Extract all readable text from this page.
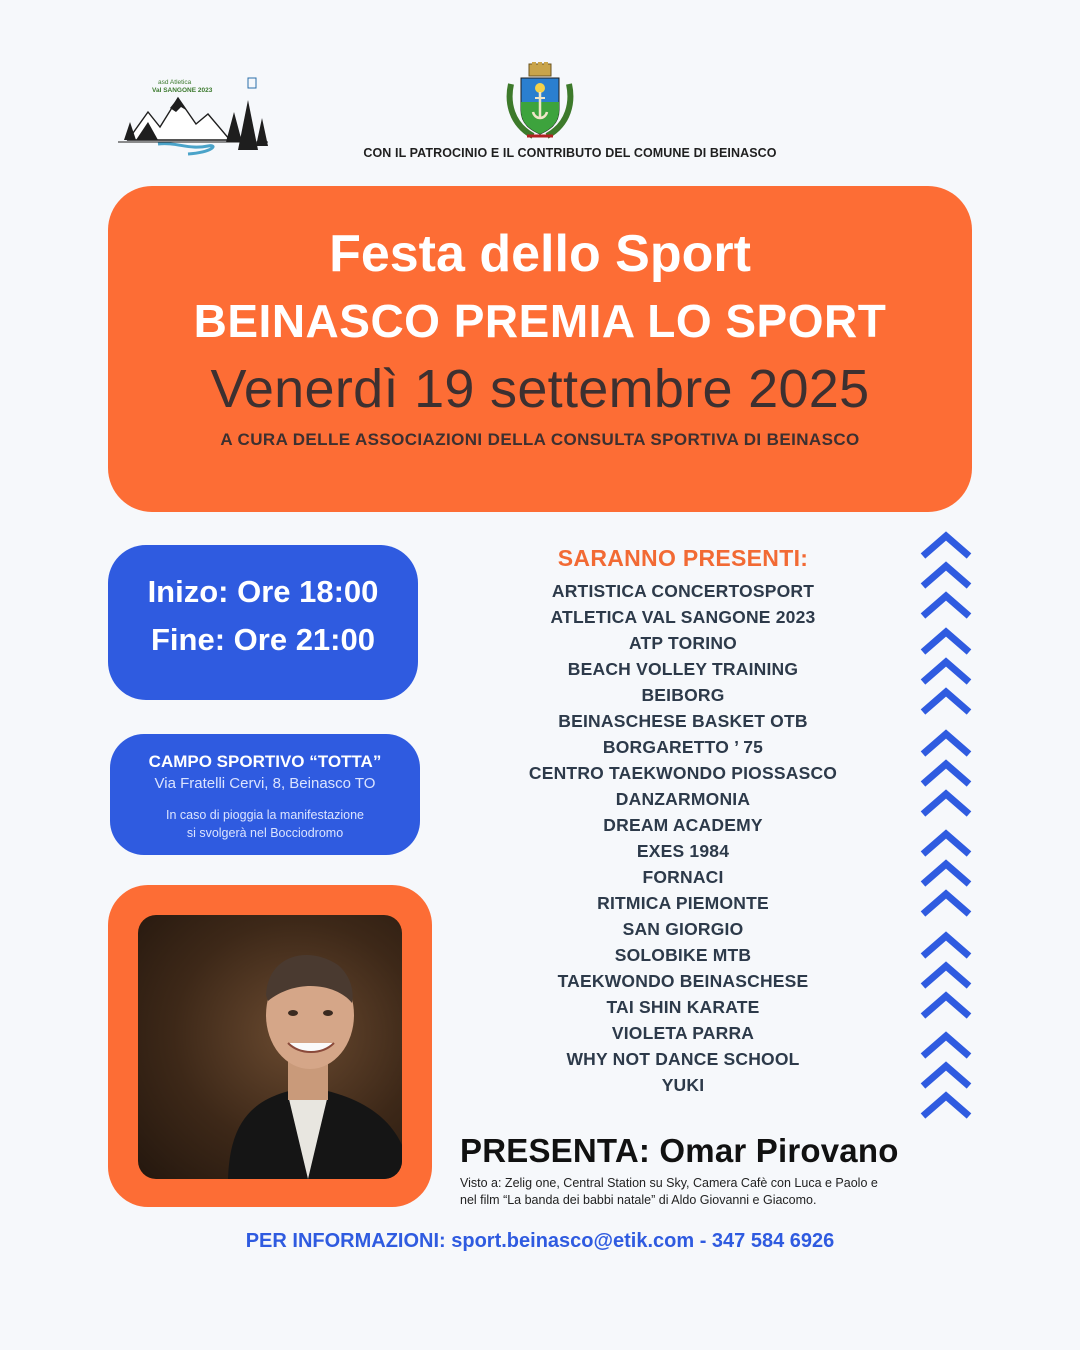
asd Atletica
Val SANGONE 2023
CON IL PATROCINIO E IL CONTRIBUTO DEL COMUNE DI BEINASCO
Festa dello Sport
BEINASCO PREMIA LO SPORT
Venerdì 19 settembre 2025
A CURA DELLE ASSOCIAZIONI DELLA CONSULTA SPORTIVA DI BEINASCO
Inizo: Ore 18:00
Fine: Ore 21:00
CAMPO SPORTIVO “TOTTA”
Via Fratelli Cervi, 8, Beinasco TO
In caso di pioggia la manifestazione
si svolgerà nel Bocciodromo
SARANNO PRESENTI:
ARTISTICA CONCERTOSPORT
ATLETICA VAL SANGONE 2023
ATP TORINO
BEACH VOLLEY TRAINING
BEIBORG
BEINASCHESE BASKET OTB
BORGARETTO ’ 75
CENTRO TAEKWONDO PIOSSASCO
DANZARMONIA
DREAM ACADEMY
EXES 1984
FORNACI
RITMICA PIEMONTE
SAN GIORGIO
SOLOBIKE MTB
TAEKWONDO BEINASCHESE
TAI SHIN KARATE
VIOLETA PARRA
WHY NOT DANCE SCHOOL
YUKI
PRESENTA: Omar Pirovano
Visto a: Zelig one, Central Station su Sky, Camera Cafè con Luca e Paolo e
nel film “La banda dei babbi natale” di Aldo Giovanni e Giacomo.
PER INFORMAZIONI: sport.beinasco@etik.com - 347 584 6926
